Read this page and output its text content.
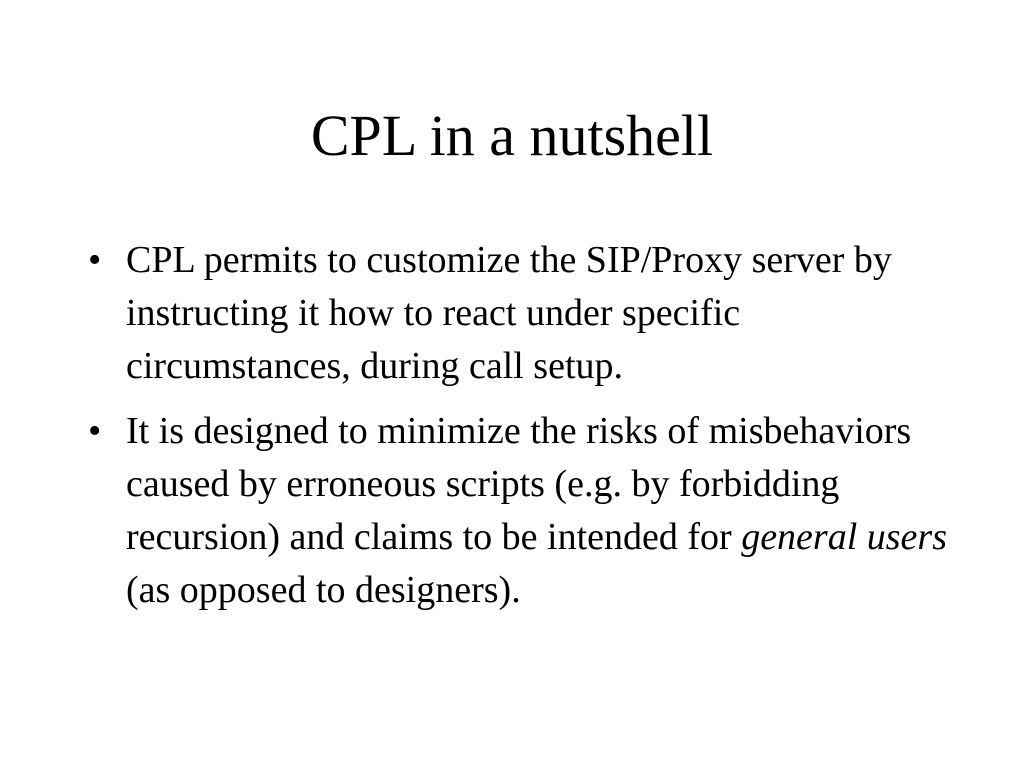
CPL in a nutshell
• CPL permits to customize the SIP/Proxy server by instructing it how to react under specific circumstances, during call setup.
• It is designed to minimize the risks of misbehaviors caused by erroneous scripts (e.g. by forbidding recursion) and claims to be intended for general users (as opposed to designers).
